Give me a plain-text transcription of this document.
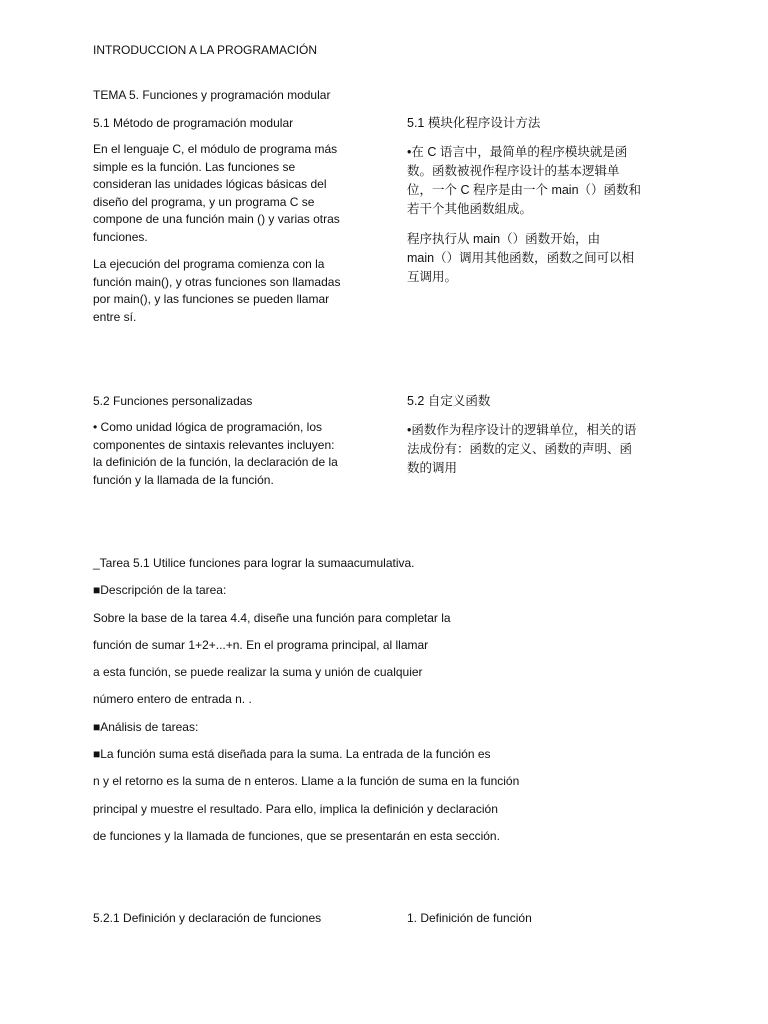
INTRODUCCION A LA PROGRAMACIÓN
TEMA 5. Funciones y programación modular
5.1 Método de programación modular	5.1 模块化程序设计方法
En el lenguaje C, el módulo de programa más
simple es la función. Las funciones se
consideran las unidades lógicas básicas del
diseño del programa, y un programa C se
compone de una función main () y varias otras
funciones.
La ejecución del programa comienza con la
función main(), y otras funciones son llamadas
por main(), y las funciones se pueden llamar
entre sí.
•在 C 语言中，最简单的程序模块就是函
数。函数被视作程序设计的基本逻辑单
位，一个 C 程序是由一个 main（）函数和
若干个其他函数組成。
程序执行从 main（）函数开始，由
main（）调用其他函数，函数之间可以相
互调用。
5.2 Funciones personalizadas	5.2 自定义函数
• Como unidad lógica de programación, los
componentes de sintaxis relevantes incluyen:
la definición de la función, la declaración de la
función y la llamada de la función.
•函数作为程序设计的逻辑单位，相关的语
法成份有：函数的定义、函数的声明、函
数的调用
_Tarea 5.1 Utilice funciones para lograr la sumaacumulativa.
■Descripción de la tarea:
Sobre la base de la tarea 4.4, diseñe una función para completar la
función de sumar 1+2+...+n. En el programa principal, al llamar
a esta función, se puede realizar la suma y unión de cualquier
número entero de entrada n. .
■Análisis de tareas:
■La función suma está diseñada para la suma. La entrada de la función es
n y el retorno es la suma de n enteros. Llame a la función de suma en la función
principal y muestre el resultado. Para ello, implica la definición y declaración
de funciones y la llamada de funciones, que se presentarán en esta sección.
5.2.1 Definición y declaración de funciones	1. Definición de función
